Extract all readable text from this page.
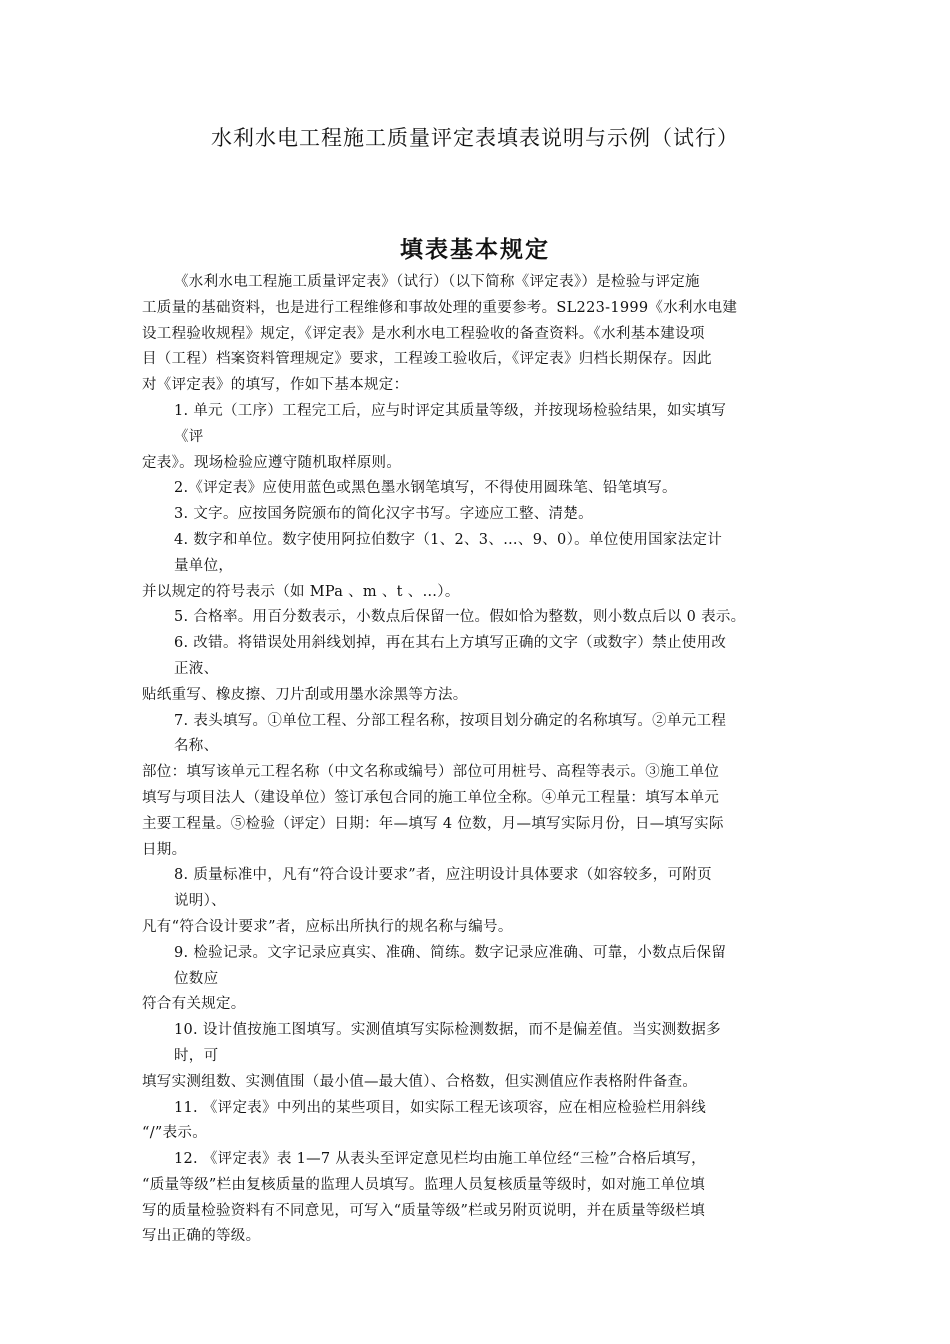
水利水电工程施工质量评定表填表说明与示例（试行）
填表基本规定
《水利水电工程施工质量评定表》（试行）（以下简称《评定表》）是检验与评定施
工质量的基础资料，也是进行工程维修和事故处理的重要参考。SL223-1999《水利水电建
设工程验收规程》规定，《评定表》是水利水电工程验收的备查资料。《水利基本建设项
目（工程）档案资料管理规定》要求，工程竣工验收后，《评定表》归档长期保存。因此
对《评定表》的填写，作如下基本规定：
1. 单元（工序）工程完工后，应与时评定其质量等级，并按现场检验结果，如实填写
《评
定表》。现场检验应遵守随机取样原则。
2.《评定表》应使用蓝色或黑色墨水钢笔填写，不得使用圆珠笔、铅笔填写。
3. 文字。应按国务院颁布的简化汉字书写。字迹应工整、清楚。
4. 数字和单位。数字使用阿拉伯数字（1、2、3、…、9、0）。单位使用国家法定计
量单位，
并以规定的符号表示（如 MPa 、m 、t 、…）。
5. 合格率。用百分数表示，小数点后保留一位。假如恰为整数，则小数点后以 0 表示。
6. 改错。将错误处用斜线划掉，再在其右上方填写正确的文字（或数字）禁止使用改
正液、
贴纸重写、橡皮擦、刀片刮或用墨水涂黑等方法。
7. 表头填写。①单位工程、分部工程名称，按项目划分确定的名称填写。②单元工程
名称、
部位：填写该单元工程名称（中文名称或编号）部位可用桩号、高程等表示。③施工单位
填写与项目法人（建设单位）签订承包合同的施工单位全称。④单元工程量：填写本单元
主要工程量。⑤检验（评定）日期：年—填写 4 位数，月—填写实际月份，日—填写实际
日期。
8. 质量标准中，凡有“符合设计要求”者，应注明设计具体要求（如容较多，可附页
说明）、
凡有“符合设计要求”者，应标出所执行的规名称与编号。
9. 检验记录。文字记录应真实、准确、简练。数字记录应准确、可靠，小数点后保留
位数应
符合有关规定。
10. 设计值按施工图填写。实测值填写实际检测数据，而不是偏差值。当实测数据多
时，可
填写实测组数、实测值围（最小值—最大值）、合格数，但实测值应作表格附件备查。
11. 《评定表》中列出的某些项目，如实际工程无该项容，应在相应检验栏用斜线
“/”表示。
12. 《评定表》表 1—7 从表头至评定意见栏均由施工单位经“三检”合格后填写，
“质量等级”栏由复核质量的监理人员填写。监理人员复核质量等级时，如对施工单位填
写的质量检验资料有不同意见，可写入“质量等级”栏或另附页说明，并在质量等级栏填
写出正确的等级。
